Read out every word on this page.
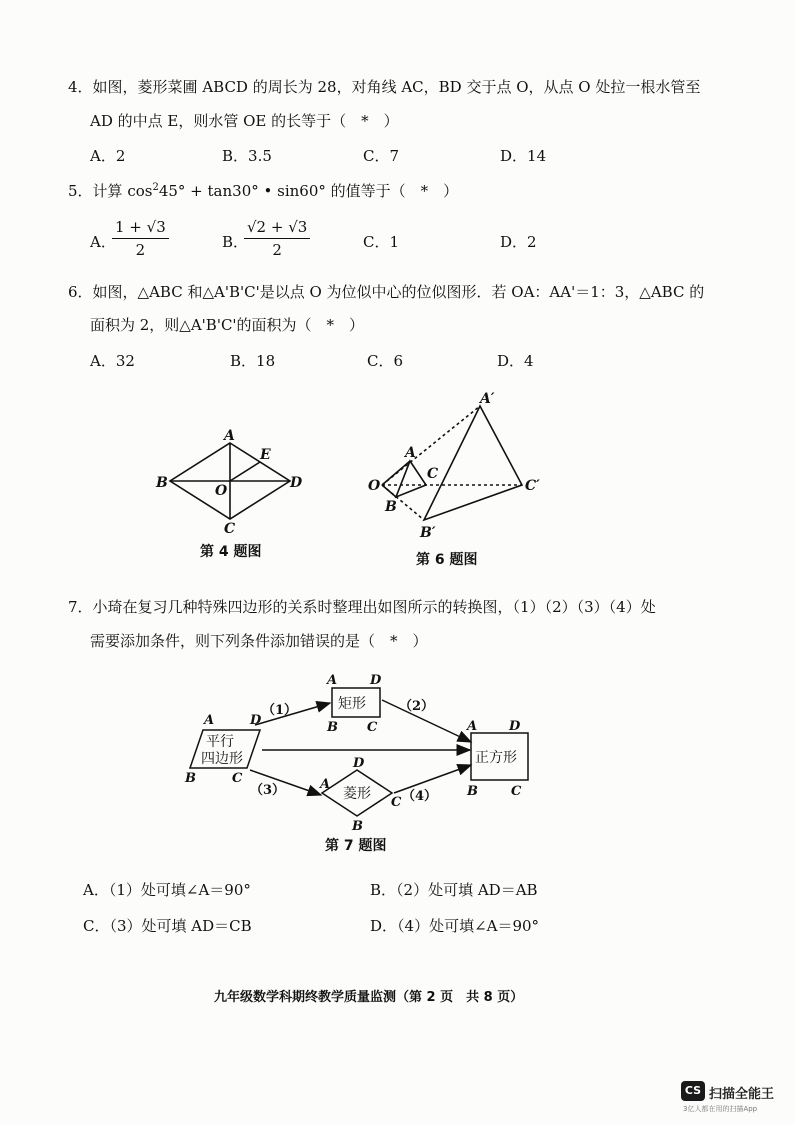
4．如图，菱形菜圃 ABCD 的周长为 28，对角线 AC，BD 交于点 O，从点 O 处拉一根水管至
AD 的中点 E，则水管 OE 的长等于（　*　）
A．2	B．3.5	C．7	D．14
5．计算 $\cos^245^\circ + \tan 30^\circ$ • sin60° 的值等于（　*　）
A．
$\frac{1 + √3}{2}$	B．
$\frac{√2 + √3}{2}$	C．1	D．2
6．如图，△ABC 和△A'B'C'是以点 O 为位似中心的位似图形．若 OA：AA'＝1：3，△ABC 的
面积为 2，则△A'B'C'的面积为（　*　）
A．32	B．18	C．6	D．4
A
E
B	O	D
C
A′
A
C
C′
O
B
B′
第 4 题图	第 6 题图
7．小琦在复习几种特殊四边形的关系时整理出如图所示的转换图，（1）（2）（3）（4）处
需要添加条件，则下列条件添加错误的是（　*　）
平行
四边形
矩形
菱形
正方形
（1）	（2）
（3）	（4）
A	D
B	C
A	D
B C
D
A
C
B
A D
B	C
第 7 题图
A．（1）处可填∠A＝90°	B．（2）处可填 AD＝AB
C．（3）处可填 AD＝CB	D．（4）处可填∠A＝90°
九年级数学科期终教学质量监测（第 2 页　共 8 页）
CS 扫描全能王
3亿人都在用的扫描App
